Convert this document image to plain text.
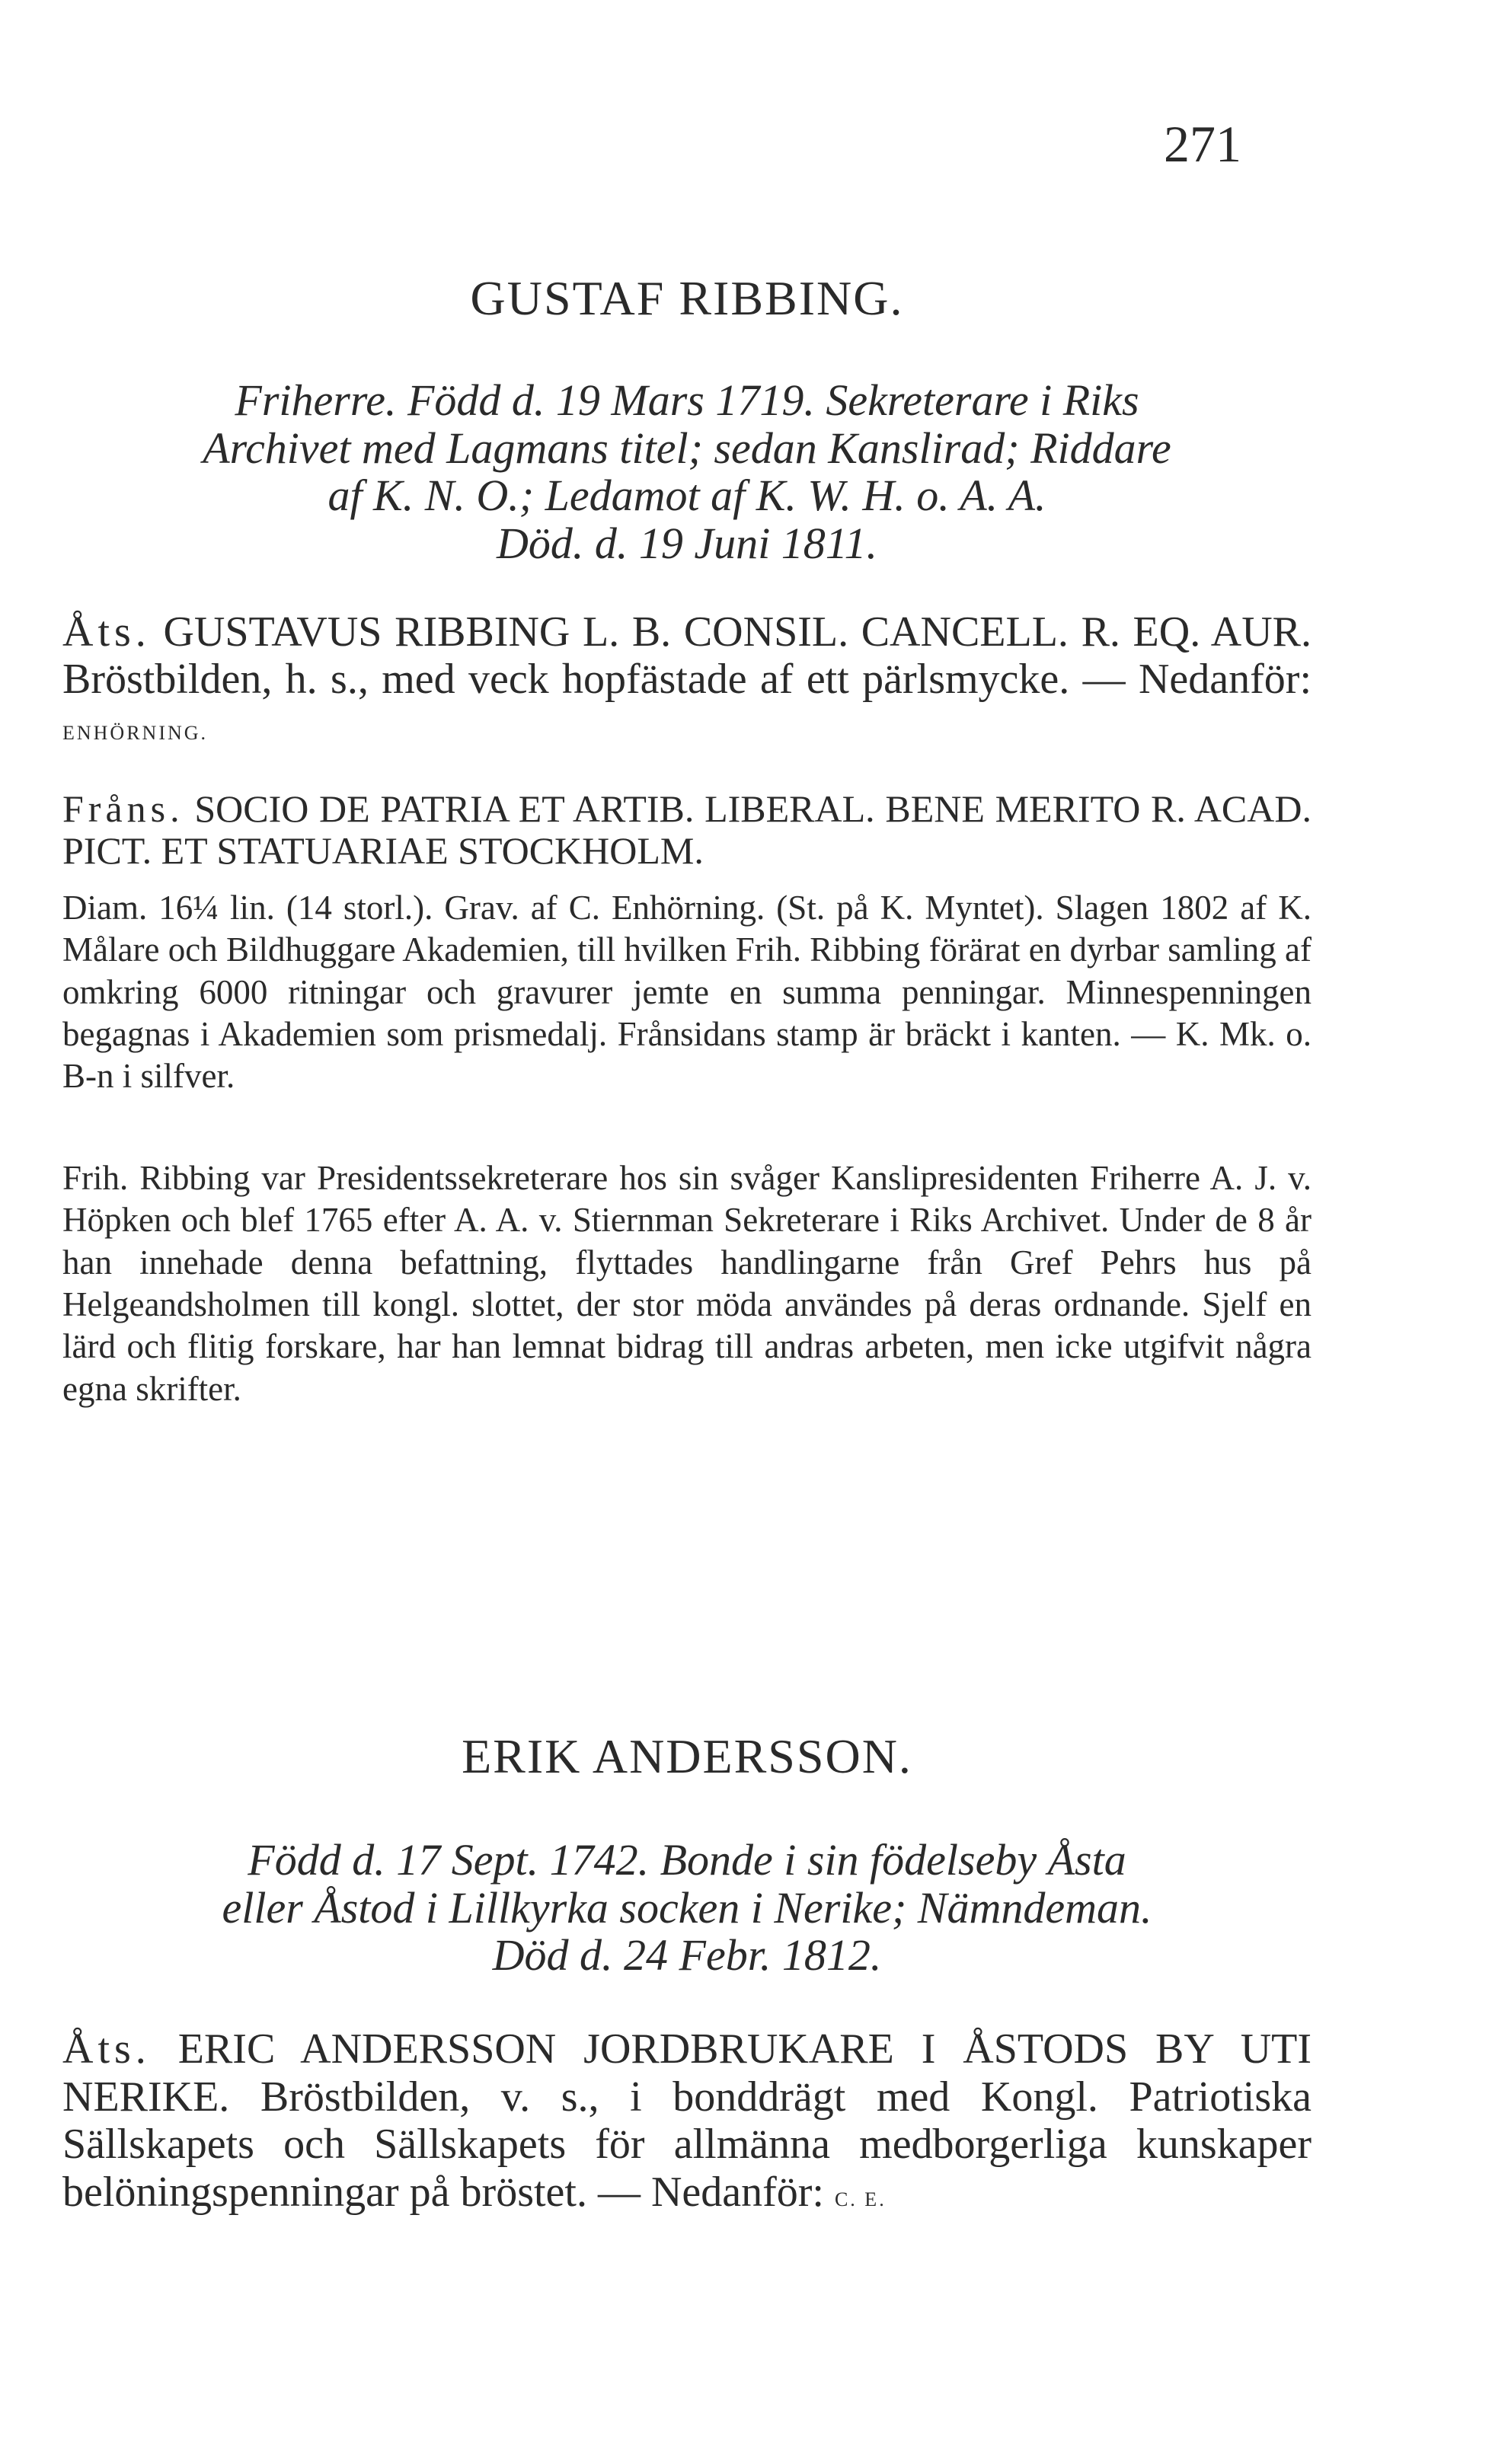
271
GUSTAF RIBBING.
Friherre. Född d. 19 Mars 1719. Sekreterare i Riks
Archivet med Lagmans titel; sedan Kanslirad; Riddare
af K. N. O.; Ledamot af K. W. H. o. A. A.
Död. d. 19 Juni 1811.

Åts. GUSTAVUS RIBBING L. B. CONSIL. CANCELL. R. EQ. AUR. Bröstbilden, h. s., med veck hopfästade af ett pärlsmycke. — Nedanför: ENHÖRNING.

Fråns. SOCIO DE PATRIA ET ARTIB. LIBERAL. BENE MERITO R. ACAD. PICT. ET STATUARIAE STOCKHOLM.

Diam. 16¼ lin. (14 storl.). Grav. af C. Enhörning. (St. på K. Myntet). Slagen 1802 af K. Målare och Bildhuggare Akademien, till hvilken Frih. Ribbing förärat en dyrbar samling af omkring 6000 ritningar och gravurer jemte en summa penningar. Minnespenningen begagnas i Akademien som prismedalj. Frånsidans stamp är bräckt i kanten. — K. Mk. o. B-n i silfver.

Frih. Ribbing var Presidentssekreterare hos sin svåger Kanslipresidenten Friherre A. J. v. Höpken och blef 1765 efter A. A. v. Stiernman Sekreterare i Riks Archivet. Under de 8 år han innehade denna befattning, flyttades handlingarne från Gref Pehrs hus på Helgeandsholmen till kongl. slottet, der stor möda användes på deras ordnande. Sjelf en lärd och flitig forskare, har han lemnat bidrag till andras arbeten, men icke utgifvit några egna skrifter.

ERIK ANDERSSON.
Född d. 17 Sept. 1742. Bonde i sin födelseby Åsta
eller Åstod i Lillkyrka socken i Nerike; Nämndeman.
Död d. 24 Febr. 1812.

Åts. ERIC ANDERSSON JORDBRUKARE I ÅSTODS BY UTI NERIKE. Bröstbilden, v. s., i bonddrägt med Kongl. Patriotiska Sällskapets och Sällskapets för allmänna medborgerliga kunskaper belöningspenningar på bröstet. — Nedanför: C. E.
